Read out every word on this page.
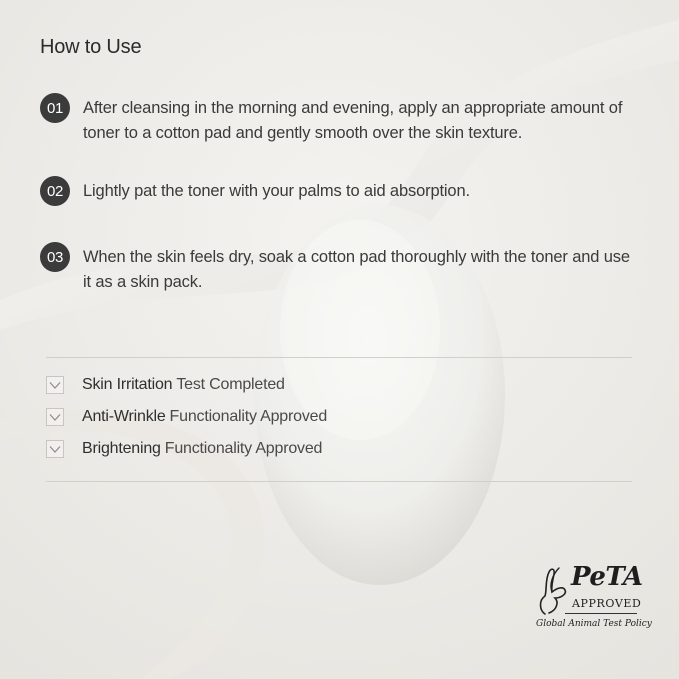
How to Use
01	After cleansing in the morning and evening, apply an appropriate amount of toner to a cotton pad and gently smooth over the skin texture.
02	Lightly pat the toner with your palms to aid absorption.
03	When the skin feels dry, soak a cotton pad thoroughly with the toner and use it as a skin pack.
Skin Irritation Test Completed
Anti-Wrinkle Functionality Approved
Brightening Functionality Approved
PeTA
APPROVED
Global Animal Test Policy
